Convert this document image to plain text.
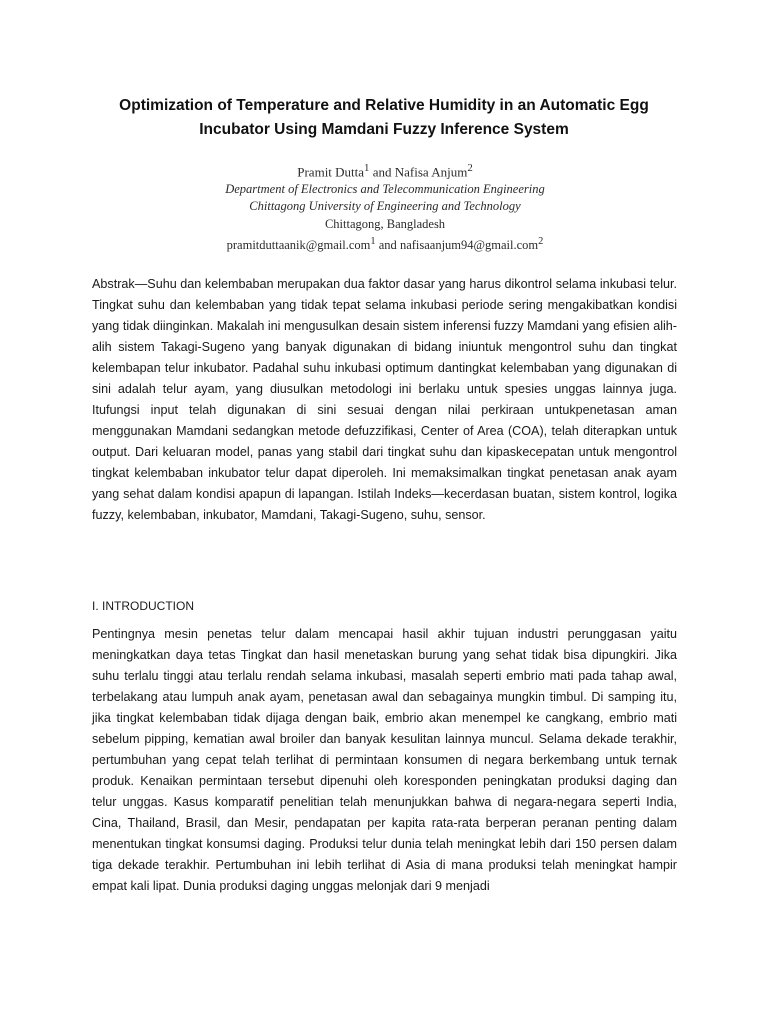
Optimization of Temperature and Relative Humidity in an Automatic Egg
Incubator Using Mamdani Fuzzy Inference System
Pramit Dutta$^1$ and Nafisa Anjum$^2$
Department of Electronics and Telecommunication Engineering
Chittagong University of Engineering and Technology
Chittagong, Bangladesh
pramitduttaanik@gmail.com$^1$ and nafisaanjum94@gmail.com$^2$

Abstrak—Suhu dan kelembaban merupakan dua faktor dasar yang harus dikontrol selama inkubasi telur. Tingkat suhu dan kelembaban yang tidak tepat selama inkubasi periode sering mengakibatkan kondisi yang tidak diinginkan. Makalah ini mengusulkan desain sistem inferensi fuzzy Mamdani yang efisien alih-alih sistem Takagi-Sugeno yang banyak digunakan di bidang iniuntuk mengontrol suhu dan tingkat kelembapan telur inkubator. Padahal suhu inkubasi optimum dantingkat kelembaban yang digunakan di sini adalah telur ayam, yang diusulkan metodologi ini berlaku untuk spesies unggas lainnya juga. Itufungsi input telah digunakan di sini sesuai dengan nilai perkiraan untukpenetasan aman menggunakan Mamdani sedangkan metode defuzzifikasi, Center of Area (COA), telah diterapkan untuk output. Dari keluaran model, panas yang stabil dari tingkat suhu dan kipaskecepatan untuk mengontrol tingkat kelembaban inkubator telur dapat diperoleh. Ini memaksimalkan tingkat penetasan anak ayam yang sehat dalam kondisi apapun di lapangan. Istilah Indeks—kecerdasan buatan, sistem kontrol, logika fuzzy, kelembaban, inkubator, Mamdani, Takagi-Sugeno, suhu, sensor.

I. INTRODUCTION

Pentingnya mesin penetas telur dalam mencapai hasil akhir tujuan industri perunggasan yaitu meningkatkan daya tetas Tingkat dan hasil menetaskan burung yang sehat tidak bisa dipungkiri. Jika suhu terlalu tinggi atau terlalu rendah selama inkubasi, masalah seperti embrio mati pada tahap awal, terbelakang atau lumpuh anak ayam, penetasan awal dan sebagainya mungkin timbul. Di samping itu, jika tingkat kelembaban tidak dijaga dengan baik, embrio akan menempel ke cangkang, embrio mati sebelum pipping, kematian awal broiler dan banyak kesulitan lainnya muncul. Selama dekade terakhir, pertumbuhan yang cepat telah terlihat di permintaan konsumen di negara berkembang untuk ternak produk. Kenaikan permintaan tersebut dipenuhi oleh koresponden peningkatan produksi daging dan telur unggas. Kasus komparatif penelitian telah menunjukkan bahwa di negara-negara seperti India, Cina, Thailand, Brasil, dan Mesir, pendapatan per kapita rata-rata berperan peranan penting dalam menentukan tingkat konsumsi daging. Produksi telur dunia telah meningkat lebih dari 150 persen dalam tiga dekade terakhir. Pertumbuhan ini lebih terlihat di Asia di mana produksi telah meningkat hampir empat kali lipat. Dunia produksi daging unggas melonjak dari 9 menjadi
